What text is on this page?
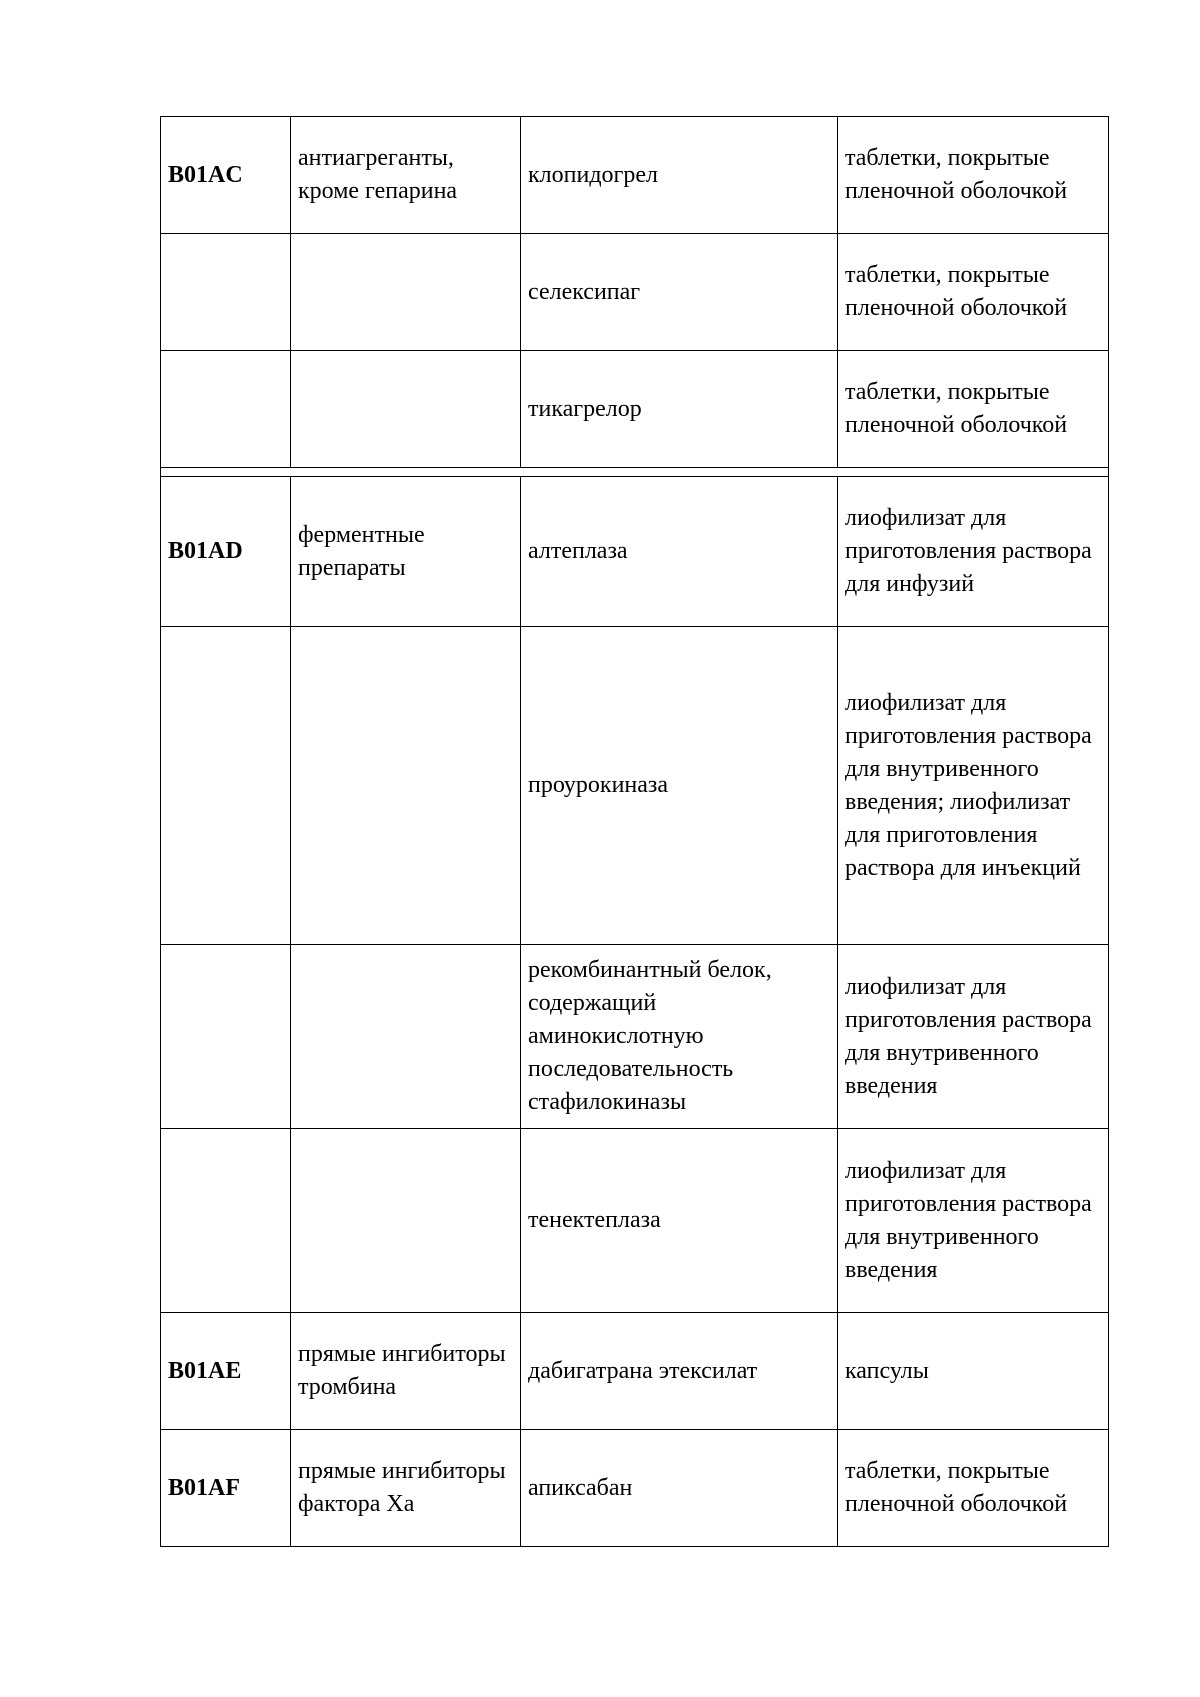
B01AC	антиагреганты, кроме гепарина	клопидогрел	таблетки, покрытые пленочной оболочкой
		селексипаг	таблетки, покрытые пленочной оболочкой
		тикагрелор	таблетки, покрытые пленочной оболочкой

B01AD	ферментные препараты	алтеплаза	лиофилизат для приготовления раствора для инфузий
		проурокиназа	лиофилизат для приготовления раствора для внутривенного введения; лиофилизат для приготовления раствора для инъекций
		рекомбинантный белок, содержащий аминокислотную последовательность стафилокиназы	лиофилизат для приготовления раствора для внутривенного введения
		тенектеплаза	лиофилизат для приготовления раствора для внутривенного введения
B01AE	прямые ингибиторы тромбина	дабигатрана этексилат	капсулы
B01AF	прямые ингибиторы фактора Xa	апиксабан	таблетки, покрытые пленочной оболочкой
